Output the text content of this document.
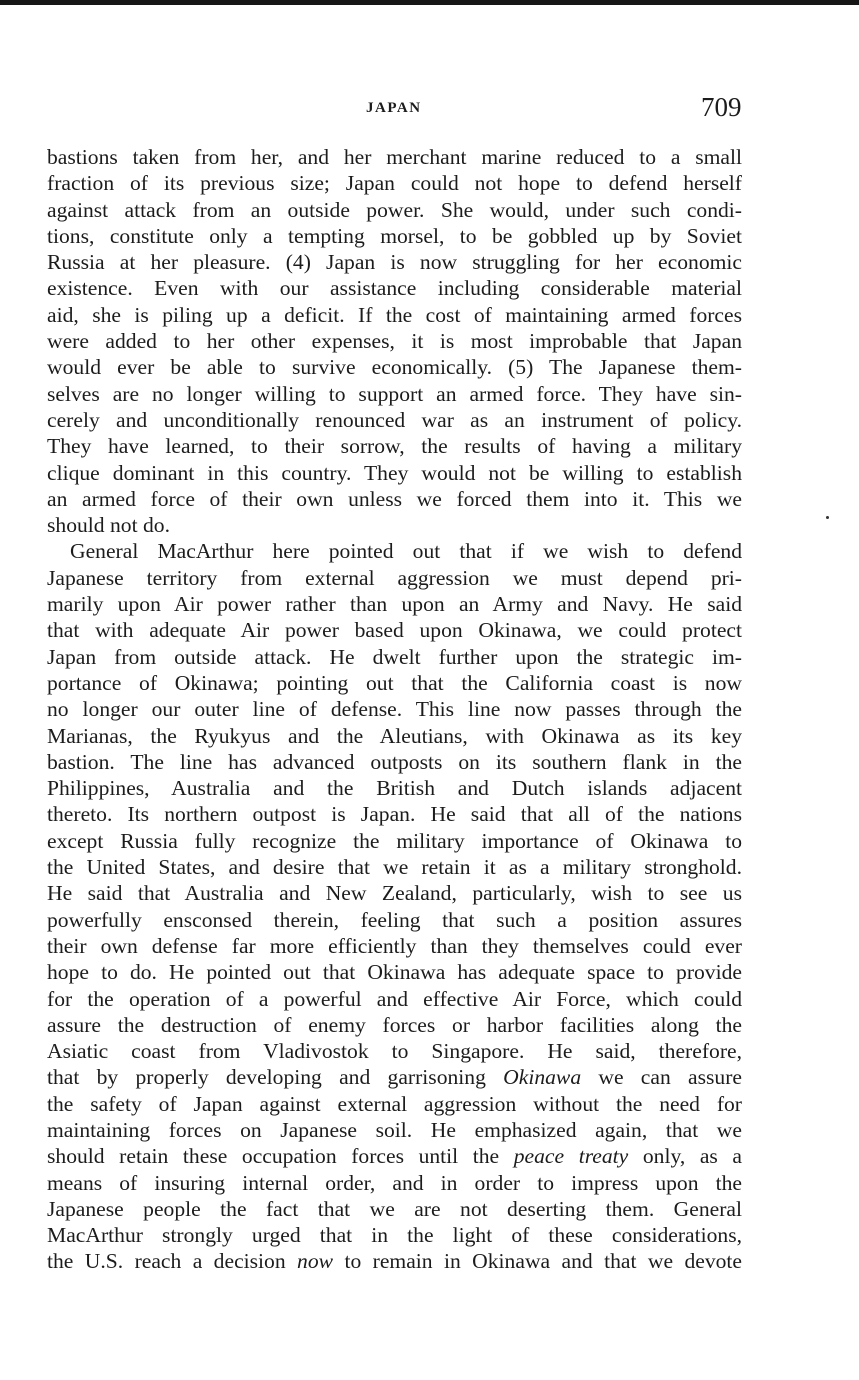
JAPAN	709
bastions taken from her, and her merchant marine reduced to a small
fraction of its previous size; Japan could not hope to defend herself
against attack from an outside power. She would, under such condi-
tions, constitute only a tempting morsel, to be gobbled up by Soviet
Russia at her pleasure. (4) Japan is now struggling for her economic
existence. Even with our assistance including considerable material
aid, she is piling up a deficit. If the cost of maintaining armed forces
were added to her other expenses, it is most improbable that Japan
would ever be able to survive economically. (5) The Japanese them-
selves are no longer willing to support an armed force. They have sin-
cerely and unconditionally renounced war as an instrument of policy.
They have learned, to their sorrow, the results of having a military
clique dominant in this country. They would not be willing to establish
an armed force of their own unless we forced them into it. This we
should not do.
General MacArthur here pointed out that if we wish to defend
Japanese territory from external aggression we must depend pri-
marily upon Air power rather than upon an Army and Navy. He said
that with adequate Air power based upon Okinawa, we could protect
Japan from outside attack. He dwelt further upon the strategic im-
portance of Okinawa; pointing out that the California coast is now
no longer our outer line of defense. This line now passes through the
Marianas, the Ryukyus and the Aleutians, with Okinawa as its key
bastion. The line has advanced outposts on its southern flank in the
Philippines, Australia and the British and Dutch islands adjacent
thereto. Its northern outpost is Japan. He said that all of the nations
except Russia fully recognize the military importance of Okinawa to
the United States, and desire that we retain it as a military stronghold.
He said that Australia and New Zealand, particularly, wish to see us
powerfully ensconsed therein, feeling that such a position assures
their own defense far more efficiently than they themselves could ever
hope to do. He pointed out that Okinawa has adequate space to provide
for the operation of a powerful and effective Air Force, which could
assure the destruction of enemy forces or harbor facilities along the
Asiatic coast from Vladivostok to Singapore. He said, therefore,
that by properly developing and garrisoning Okinawa we can assure
the safety of Japan against external aggression without the need for
maintaining forces on Japanese soil. He emphasized again, that we
should retain these occupation forces until the peace treaty only, as a
means of insuring internal order, and in order to impress upon the
Japanese people the fact that we are not deserting them. General
MacArthur strongly urged that in the light of these considerations,
the U.S. reach a decision now to remain in Okinawa and that we devote
